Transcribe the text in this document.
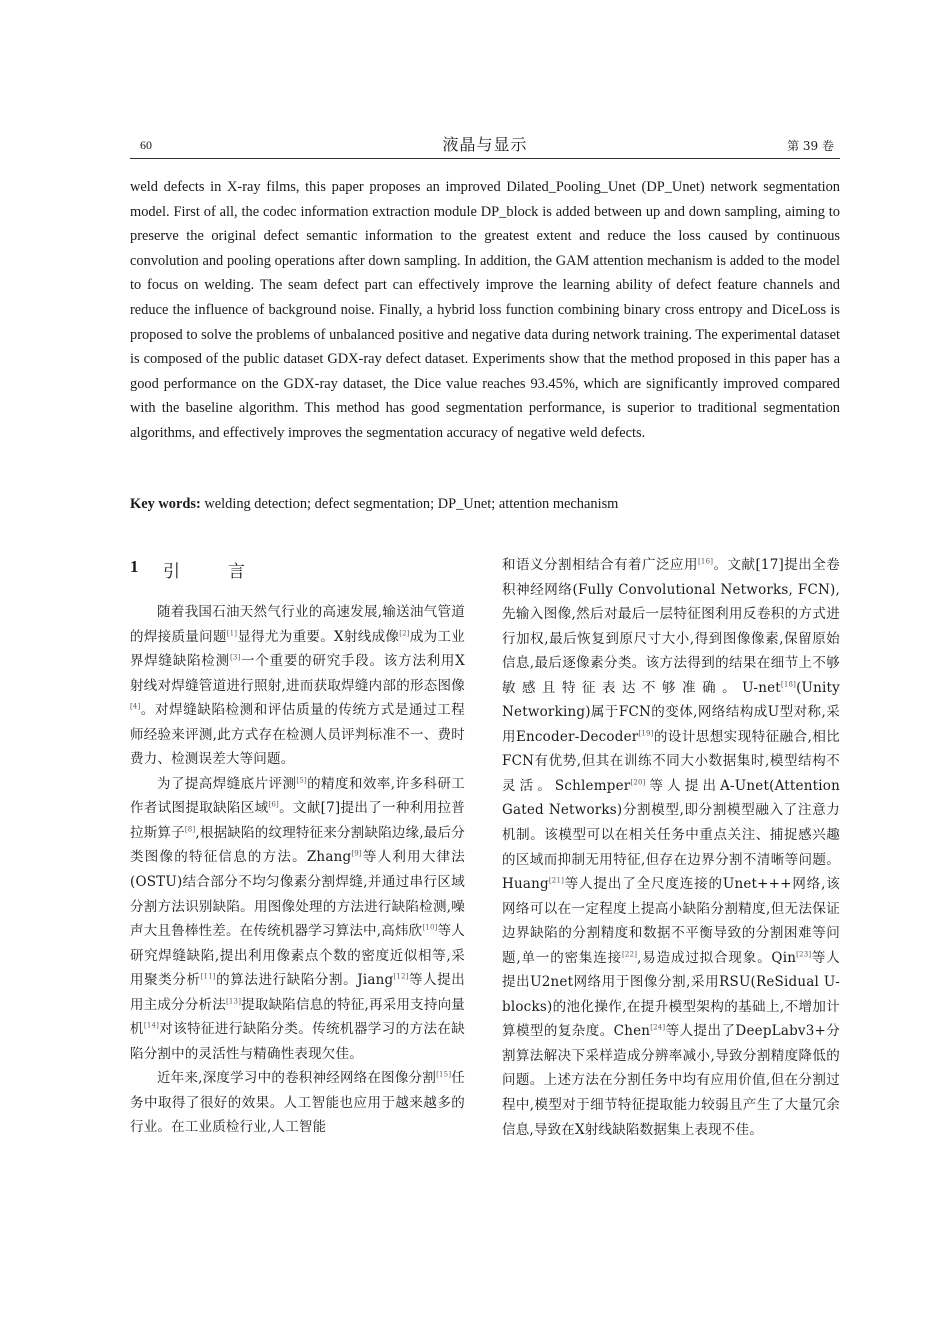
60	液晶与显示	第 39 卷
weld defects in X-ray films, this paper proposes an improved Dilated_Pooling_Unet (DP_Unet) network segmentation model. First of all, the codec information extraction module DP_block is added between up and down sampling, aiming to preserve the original defect semantic information to the greatest extent and reduce the loss caused by continuous convolution and pooling operations after down sampling. In addition, the GAM attention mechanism is added to the model to focus on welding. The seam defect part can effectively improve the learning ability of defect feature channels and reduce the influence of background noise. Finally, a hybrid loss function combining binary cross entropy and DiceLoss is proposed to solve the problems of unbalanced positive and negative data during network training. The experimental dataset is composed of the public dataset GDX-ray defect dataset. Experiments show that the method proposed in this paper has a good performance on the GDX-ray dataset, the Dice value reaches 93.45%, which are significantly improved compared with the baseline algorithm. This method has good segmentation performance, is superior to traditional segmentation algorithms, and effectively improves the segmentation accuracy of negative weld defects.
Key words: welding detection; defect segmentation; DP_Unet; attention mechanism
1 引言

随着我国石油天然气行业的高速发展,输送油气管道的焊接质量问题[1]显得尤为重要。X射线成像[2]成为工业界焊缝缺陷检测[3]一个重要的研究手段。该方法利用X射线对焊缝管道进行照射,进而获取焊缝内部的形态图像[4]。对焊缝缺陷检测和评估质量的传统方式是通过工程师经验来评测,此方式存在检测人员评判标准不一、费时费力、检测误差大等问题。

为了提高焊缝底片评测[5]的精度和效率,许多科研工作者试图提取缺陷区域[6]。文献[7]提出了一种利用拉普拉斯算子[8],根据缺陷的纹理特征来分割缺陷边缘,最后分类图像的特征信息的方法。Zhang[9]等人利用大律法(OSTU)结合部分不均匀像素分割焊缝,并通过串行区域分割方法识别缺陷。用图像处理的方法进行缺陷检测,噪声大且鲁棒性差。在传统机器学习算法中,高炜欣[10]等人研究焊缝缺陷,提出利用像素点个数的密度近似相等,采用聚类分析[11]的算法进行缺陷分割。Jiang[12]等人提出用主成分分析法[13]提取缺陷信息的特征,再采用支持向量机[14]对该特征进行缺陷分类。传统机器学习的方法在缺陷分割中的灵活性与精确性表现欠佳。

近年来,深度学习中的卷积神经网络在图像分割[15]任务中取得了很好的效果。人工智能也应用于越来越多的行业。在工业质检行业,人工智能

和语义分割相结合有着广泛应用[16]。文献[17]提出全卷积神经网络(Fully Convolutional Networks, FCN),先输入图像,然后对最后一层特征图利用反卷积的方式进行加权,最后恢复到原尺寸大小,得到图像像素,保留原始信息,最后逐像素分类。该方法得到的结果在细节上不够敏感且特征表达不够准确。U-net[18](Unity Networking)属于FCN的变体,网络结构成U型对称,采用Encoder-Decoder[19]的设计思想实现特征融合,相比FCN有优势,但其在训练不同大小数据集时,模型结构不灵活。Schlemper[20]等人提出A-Unet(Attention Gated Networks)分割模型,即分割模型融入了注意力机制。该模型可以在相关任务中重点关注、捕捉感兴趣的区域而抑制无用特征,但存在边界分割不清晰等问题。Huang[21]等人提出了全尺度连接的Unet+++网络,该网络可以在一定程度上提高小缺陷分割精度,但无法保证边界缺陷的分割精度和数据不平衡导致的分割困难等问题,单一的密集连接[22],易造成过拟合现象。Qin[23]等人提出U2net网络用于图像分割,采用RSU(ReSidual U-blocks)的池化操作,在提升模型架构的基础上,不增加计算模型的复杂度。Chen[24]等人提出了DeepLabv3+分割算法解决下采样造成分辨率减小,导致分割精度降低的问题。上述方法在分割任务中均有应用价值,但在分割过程中,模型对于细节特征提取能力较弱且产生了大量冗余信息,导致在X射线缺陷数据集上表现不佳。
